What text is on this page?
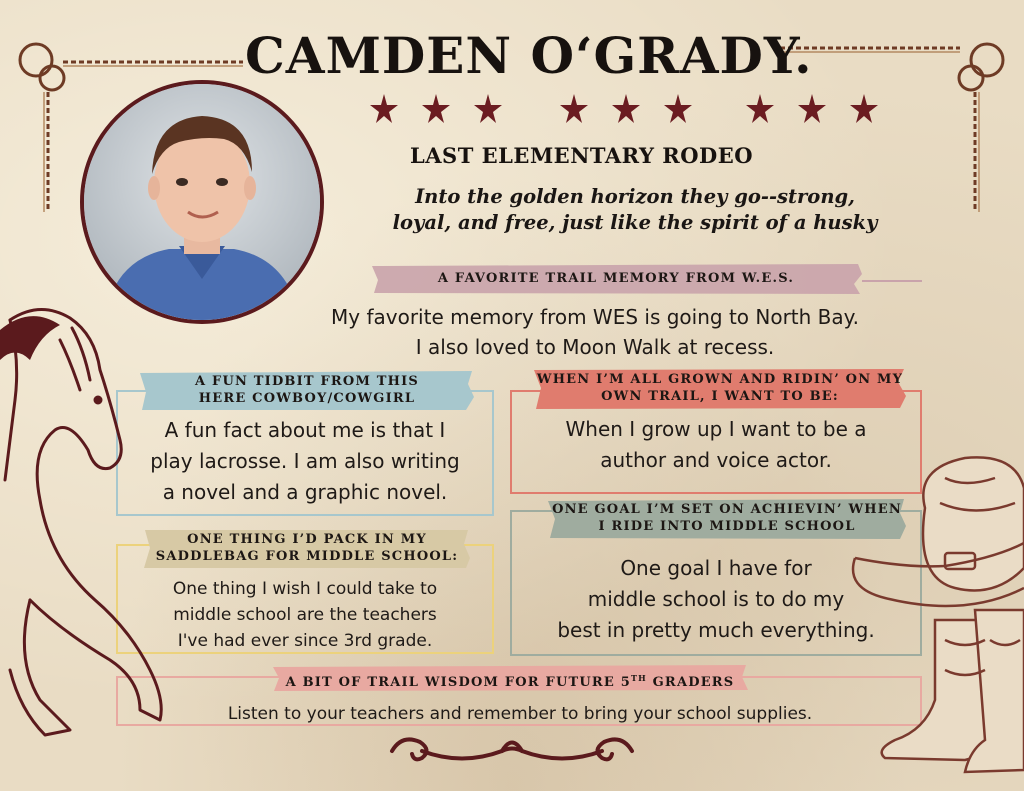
CAMDEN O‘GRADY.
LAST ELEMENTARY RODEO
Into the golden horizon they go--strong,
loyal, and free, just like the spirit of a husky
A FAVORITE TRAIL MEMORY FROM W.E.S.
My favorite memory from WES is going to North Bay.
I also loved to Moon Walk at recess.
A FUN TIDBIT FROM THIS
HERE COWBOY/COWGIRL
A fun fact about me is that I
play lacrosse. I am also writing
a novel and a graphic novel.
WHEN I’M ALL GROWN AND RIDIN’ ON MY
OWN TRAIL, I WANT TO BE:
When I grow up I want to be a
author and voice actor.
ONE THING I’D PACK IN MY
SADDLEBAG FOR MIDDLE SCHOOL:
One thing I wish I could take to
middle school are the teachers
I've had ever since 3rd grade.
ONE GOAL I’M SET ON ACHIEVIN’ WHEN
I RIDE INTO MIDDLE SCHOOL
One goal I have for
middle school is to do my
best in pretty much everything.
A BIT OF TRAIL WISDOM FOR FUTURE 5TH GRADERS
Listen to your teachers and remember to bring your school supplies.
